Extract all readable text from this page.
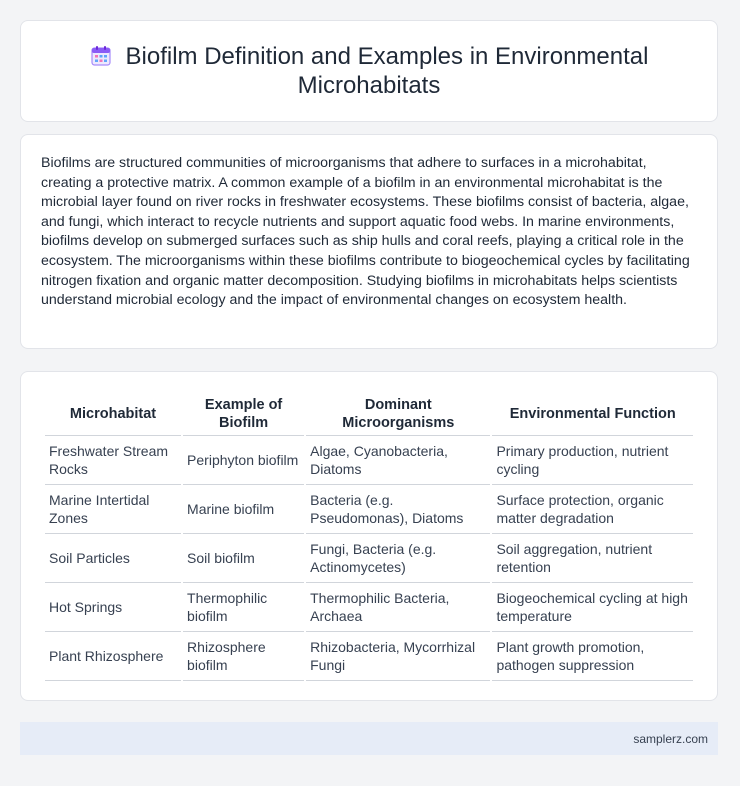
Biofilm Definition and Examples in Environmental Microhabitats

Biofilms are structured communities of microorganisms that adhere to surfaces in a microhabitat, creating a protective matrix. A common example of a biofilm in an environmental microhabitat is the microbial layer found on river rocks in freshwater ecosystems. These biofilms consist of bacteria, algae, and fungi, which interact to recycle nutrients and support aquatic food webs. In marine environments, biofilms develop on submerged surfaces such as ship hulls and coral reefs, playing a critical role in the ecosystem. The microorganisms within these biofilms contribute to biogeochemical cycles by facilitating nitrogen fixation and organic matter decomposition. Studying biofilms in microhabitats helps scientists understand microbial ecology and the impact of environmental changes on ecosystem health.

Microhabitat	Example of Biofilm	Dominant Microorganisms	Environmental Function
Freshwater Stream Rocks	Periphyton biofilm	Algae, Cyanobacteria, Diatoms	Primary production, nutrient cycling
Marine Intertidal Zones	Marine biofilm	Bacteria (e.g. Pseudomonas), Diatoms	Surface protection, organic matter degradation
Soil Particles	Soil biofilm	Fungi, Bacteria (e.g. Actinomycetes)	Soil aggregation, nutrient retention
Hot Springs	Thermophilic biofilm	Thermophilic Bacteria, Archaea	Biogeochemical cycling at high temperature
Plant Rhizosphere	Rhizosphere biofilm	Rhizobacteria, Mycorrhizal Fungi	Plant growth promotion, pathogen suppression
samplerz.com
